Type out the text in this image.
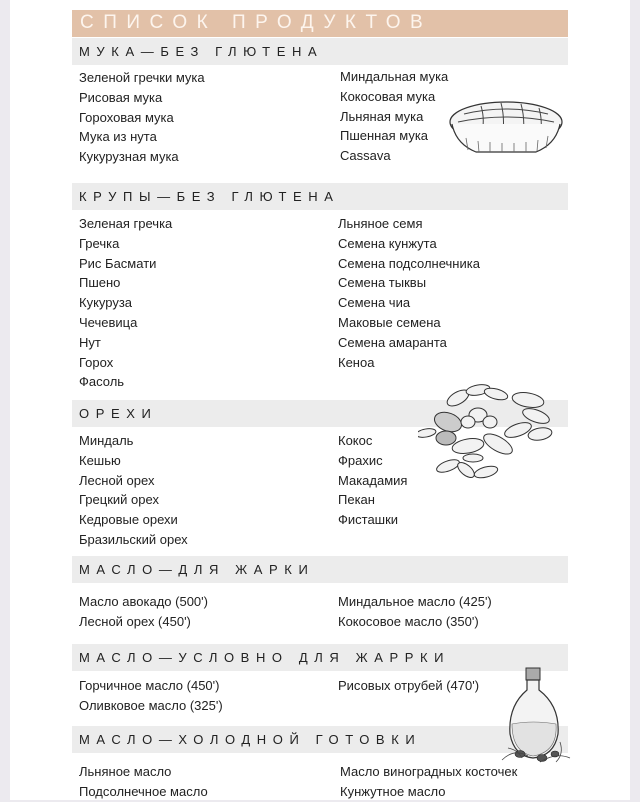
СПИСОК ПРОДУКТОВ
МУКА—БЕЗ ГЛЮТЕНА
Зеленой гречки мука
Рисовая мука
Гороховая мука
Мука из нута
Кукурузная мука
Миндальная мука
Кокосовая мука
Льняная мука
Пшенная мука
Cassava
КРУПЫ—БЕЗ ГЛЮТЕНА
Зеленая гречка
Гречка
Рис Басмати
Пшено
Кукуруза
Чечевица
Нут
Горох
Фасоль
Льняное семя
Семена кунжута
Семена подсолнечника
Семена тыквы
Семена чиа
Маковые семена
Семена амаранта
Кеноа
ОРЕХИ
Миндаль
Кешью
Лесной орех
Грецкий орех
Кедровые орехи
Бразильский орех
Кокос
Фрахис
Макадамия
Пекан
Фисташки
МАСЛО—ДЛЯ ЖАРКИ
Масло авокадо (500')
Лесной орех (450')
Миндальное масло (425')
Кокосовое масло (350')
МАСЛО—УСЛОВНО ДЛЯ ЖАРРКИ
Горчичное масло (450')
Оливковое масло (325')
Рисовых отрубей (470')
МАСЛО—ХОЛОДНОЙ ГОТОВКИ
Льняное масло
Подсолнечное масло
Масло виноградных косточек
Кунжутное масло
